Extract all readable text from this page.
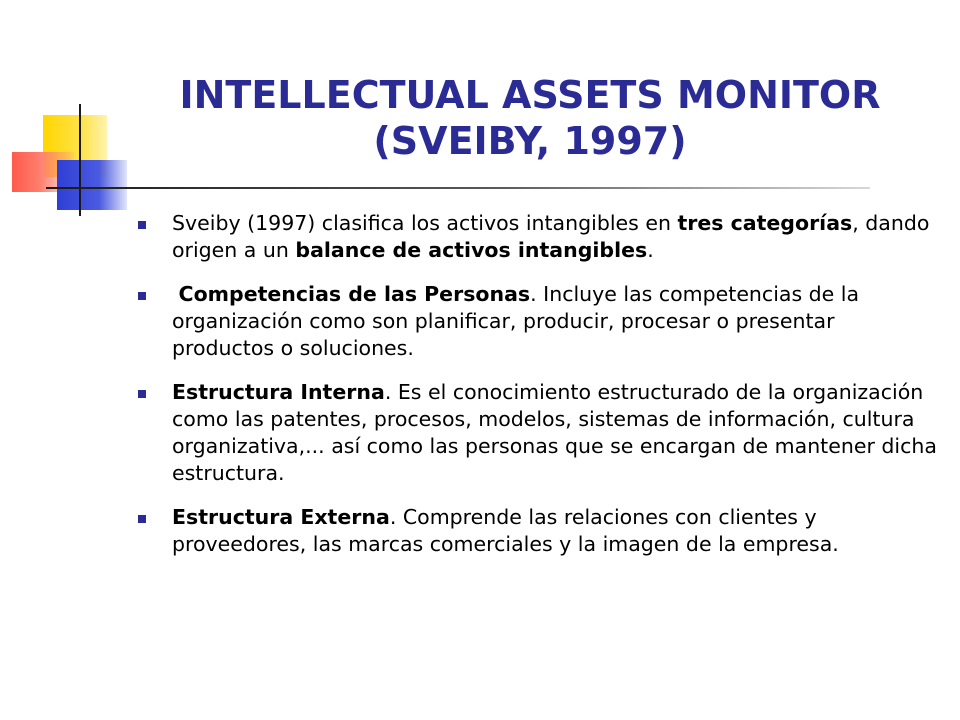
INTELLECTUAL ASSETS MONITOR
(SVEIBY, 1997)
Sveiby (1997) clasifica los activos intangibles en tres categorías, dando origen a un balance de activos intangibles.
Competencias de las Personas. Incluye las competencias de la organización como son planificar, producir, procesar o presentar productos o soluciones.
Estructura Interna. Es el conocimiento estructurado de la organización como las patentes, procesos, modelos, sistemas de información, cultura organizativa,... así como las personas que se encargan de mantener dicha estructura.
Estructura Externa. Comprende las relaciones con clientes y proveedores, las marcas comerciales y la imagen de la empresa.
